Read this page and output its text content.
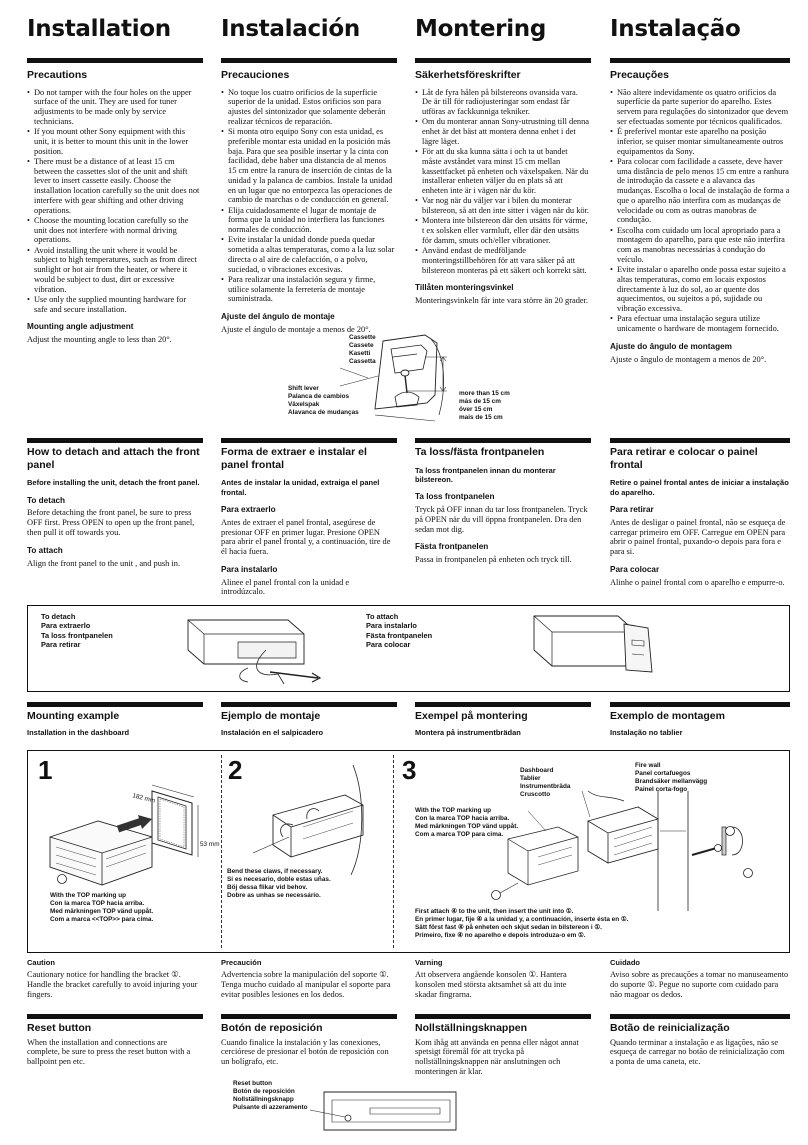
Installation Instalación Montering	Instalação
Precautions
• Do not tamper with the four holes on the upper surface of the unit. They are used for tuner adjustments to be made only by service technicians.
• If you mount other Sony equipment with this unit, it is better to mount this unit in the lower position.
• There must be a distance of at least 15 cm between the cassettes slot of the unit and shift lever to insert cassette easily. Choose the installation location carefully so the unit does not interfere with gear shifting and other driving operations.
• Choose the mounting location carefully so the unit does not interfere with normal driving operations.
• Avoid installing the unit where it would be subject to high temperatures, such as from direct sunlight or hot air from the heater, or where it would be subject to dust, dirt or excessive vibration.
• Use only the supplied mounting hardware for safe and secure installation.
Mounting angle adjustment

Adjust the mounting angle to less than 20°.

Precauciones
• No toque los cuatro orificios de la superficie superior de la unidad. Estos orificios son para ajustes del sintonizador que solamente deberán realizar técnicos de reparación.
• Si monta otro equipo Sony con esta unidad, es preferible montar esta unidad en la posición más baja. Para que sea posible insertar y la cinta con facilidad, debe haber una distancia de al menos 15 cm entre la ranura de inserción de cintas de la unidad y la palanca de cambios. Instale la unidad en un lugar que no entorpezca las operaciones de cambio de marchas o de conducción en general.
• Elija cuidadosamente el lugar de montaje de forma que la unidad no interfiera las funciones normales de conducción.
• Evite instalar la unidad donde pueda quedar sometida a altas temperaturas, como a la luz solar directa o al aire de calefacción, o a polvo, suciedad, o vibraciones excesivas.
• Para realizar una instalación segura y firme, utilice solamente la ferretería de montaje suministrada.
Ajuste del ángulo de montaje

Ajuste el ángulo de montaje a menos de 20°.

Säkerhetsföreskrifter
• Låt de fyra hålen på bilstereons ovansida vara. De är till för radiojusteringar som endast får utföras av fackkunniga tekniker.
• Om du monterar annan Sony-utrustning till denna enhet är det bäst att montera denna enhet i det lägre läget.
• För att du ska kunna sätta i och ta ut bandet måste avståndet vara minst 15 cm mellan kassettfacket på enheten och växelspaken. När du installerar enheten väljer du en plats så att enheten inte är i vägen när du kör.
• Var nog när du väljer var i bilen du monterar bilstereon, så att den inte sitter i vägen när du kör.
• Montera inte bilstereon där den utsätts för värme, t ex solsken eller varmluft, eller där den utsätts för damm, smuts och/eller vibrationer.
• Använd endast de medföljande monteringstillbehören för att vara säker på att bilstereon monteras på ett säkert och korrekt sätt.
Tillåten monteringsvinkel

Monteringsvinkeln får inte vara större än 20 grader.

Precauções
• Não altere indevidamente os quatro orifícios da superfície da parte superior do aparelho. Estes servem para regulações do sintonizador que devem ser efectuadas somente por técnicos qualificados.
• É preferível montar este aparelho na posição inferior, se quiser montar simultaneamente outros equipamentos da Sony.
• Para colocar com facilidade a cassete, deve haver uma distância de pelo menos 15 cm entre a ranhura de introdução da cassete e a alavanca das mudanças. Escolha o local de instalação de forma a que o aparelho não interfira com as mudanças de velocidade ou com as outras manobras de condução.
• Escolha com cuidado um local apropriado para a montagem do aparelho, para que este não interfira com as manobras necessárias à condução do veículo.
• Evite instalar o aparelho onde possa estar sujeito a altas temperaturas, como em locais expostos directamente à luz do sol, ao ar quente dos aquecimentos, ou sujeitos a pó, sujidade ou vibração excessiva.
• Para efectuar uma instalação segura utilize unicamente o hardware de montagem fornecido.
Ajuste do ângulo de montagem

Ajuste o ângulo de montagem a menos de 20°.

Cassette
Cassete
Kasetti
Cassetta
Shift lever
Palanca de cambios
Växelspak
Alavanca de mudanças
more than 15 cm
más de 15 cm
över 15 cm
mais de 15 cm
How to detach and attach the front panel
Before installing the unit, detach the front panel.
To detach

Before detaching the front panel, be sure to press OFF first. Press OPEN to open up the front panel, then pull it off towards you.

To attach

Align the front panel to the unit , and push in.

Forma de extraer e instalar el panel frontal
Antes de instalar la unidad, extraiga el panel frontal.
Para extraerlo

Antes de extraer el panel frontal, asegúrese de presionar OFF en primer lugar. Presione OPEN para abrir el panel frontal y, a continuación, tire de él hacia fuera.

Para instalarlo

Alinee el panel frontal con la unidad e introdúzcalo.

Ta loss/fästa frontpanelen
Ta loss frontpanelen innan du monterar bilstereon.
Ta loss frontpanelen

Tryck på OFF innan du tar loss frontpanelen. Tryck på OPEN när du vill öppna frontpanelen. Dra den sedan mot dig.

Fästa frontpanelen

Passa in frontpanelen på enheten och tryck till.

Para retirar e colocar o painel frontal
Retire o painel frontal antes de iniciar a instalação do aparelho.
Para retirar

Antes de desligar o painel frontal, não se esqueça de carregar primeiro em OFF. Carregue em OPEN para abrir o painel frontal, puxando-o depois para fora e para si.

Para colocar

Alinhe o painel frontal com o aparelho e empurre-o.

To detach
Para extraerlo
Ta loss frontpanelen
Para retirar
To attach
Para instalarlo
Fästa frontpanelen
Para colocar
Mounting example
Installation in the dashboard
Ejemplo de montaje
Instalación en el salpicadero
Exempel på montering
Montera på instrumentbrädan
Exemplo de montagem
Instalação no tablier
1	2	3
182 mm
53 mm
With the TOP marking up
Con la marca TOP hacia arriba.
Med märkningen TOP vänd uppåt.
Com a marca <<TOP>> para cima.
Bend these claws, if necessary.
Si es necesario, doble estas uñas.
Böj dessa flikar vid behov.
Dobre as unhas se necessário.
Dashboard
Tablier
Instrumentbräda
Cruscotto
Fire wall
Panel cortafuegos
Brandsäker mellanvägg
Painel corta-fogo
With the TOP marking up
Con la marca TOP hacia arriba.
Med märkningen TOP vänd uppåt.
Com a marca TOP para cima.
First attach ④ to the unit, then insert the unit into ①.
En primer lugar, fije ④ a la unidad y, a continuación, inserte ésta en ①.
Sätt först fast ④ på enheten och skjut sedan in bilstereon i ①.
Primeiro, fixe ④ no aparelho e depois introduza-o em ①.
Caution

Cautionary notice for handling the bracket ①. Handle the bracket carefully to avoid injuring your fingers.

Precaución

Advertencia sobre la manipulación del soporte ①. Tenga mucho cuidado al manipular el soporte para evitar posibles lesiones en los dedos.

Varning

Att observera angående konsolen ①. Hantera konsolen med största aktsamhet så att du inte skadar fingrarna.

Cuidado

Aviso sobre as precauções a tomar no manuseamento do suporte ①. Pegue no suporte com cuidado para não magoar os dedos.

Reset button

When the installation and connections are complete, be sure to press the reset button with a ballpoint pen etc.

Botón de reposición

Cuando finalice la instalación y las conexiones, cerciórese de presionar el botón de reposición con un bolígrafo, etc.

Nollställningsknappen

Kom ihåg att använda en penna eller något annat spetsigt föremål för att trycka på nollställningsknappen när anslutningen och monteringen är klar.

Botão de reinicialização

Quando terminar a instalação e as ligações, não se esqueça de carregar no botão de reinicialização com a ponta de uma caneta, etc.

Reset button
Botón de reposición
Nollställningsknapp
Pulsante di azzeramento
